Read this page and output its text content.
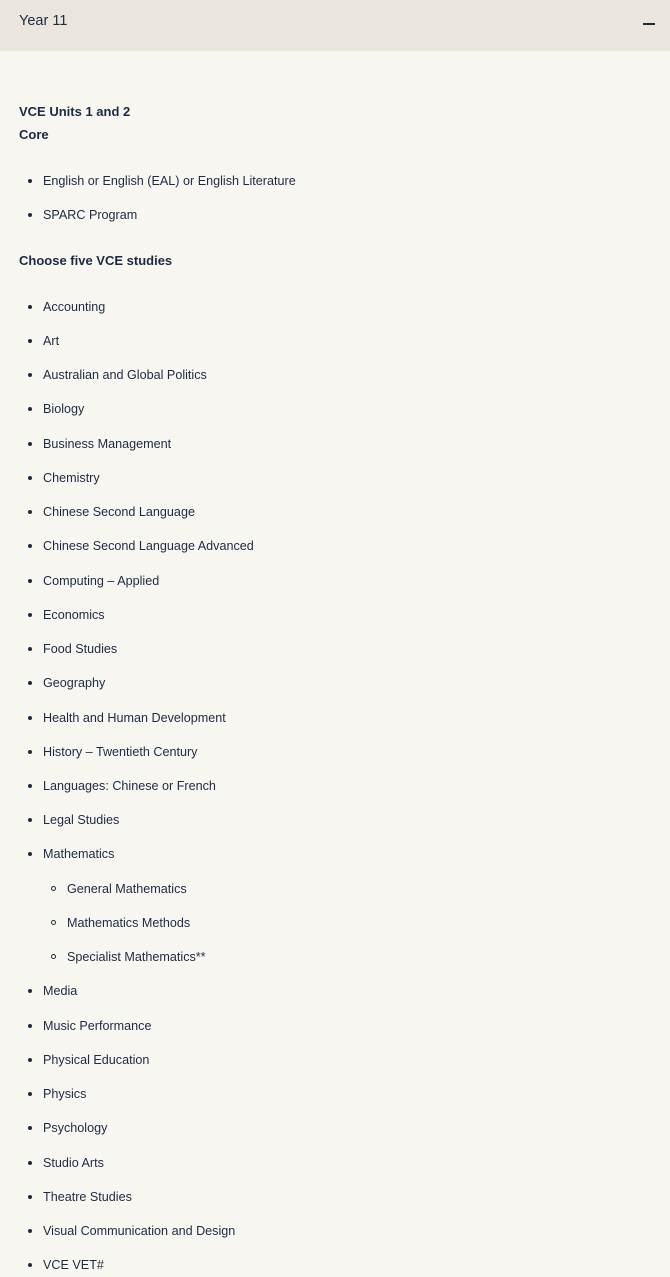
Year 11
VCE Units 1 and 2
Core
English or English (EAL) or English Literature
SPARC Program
Choose five VCE studies
Accounting
Art
Australian and Global Politics
Biology
Business Management
Chemistry
Chinese Second Language
Chinese Second Language Advanced
Computing – Applied
Economics
Food Studies
Geography
Health and Human Development
History – Twentieth Century
Languages: Chinese or French
Legal Studies
Mathematics
General Mathematics
Mathematics Methods
Specialist Mathematics**
Media
Music Performance
Physical Education
Physics
Psychology
Studio Arts
Theatre Studies
Visual Communication and Design
VCE VET#
